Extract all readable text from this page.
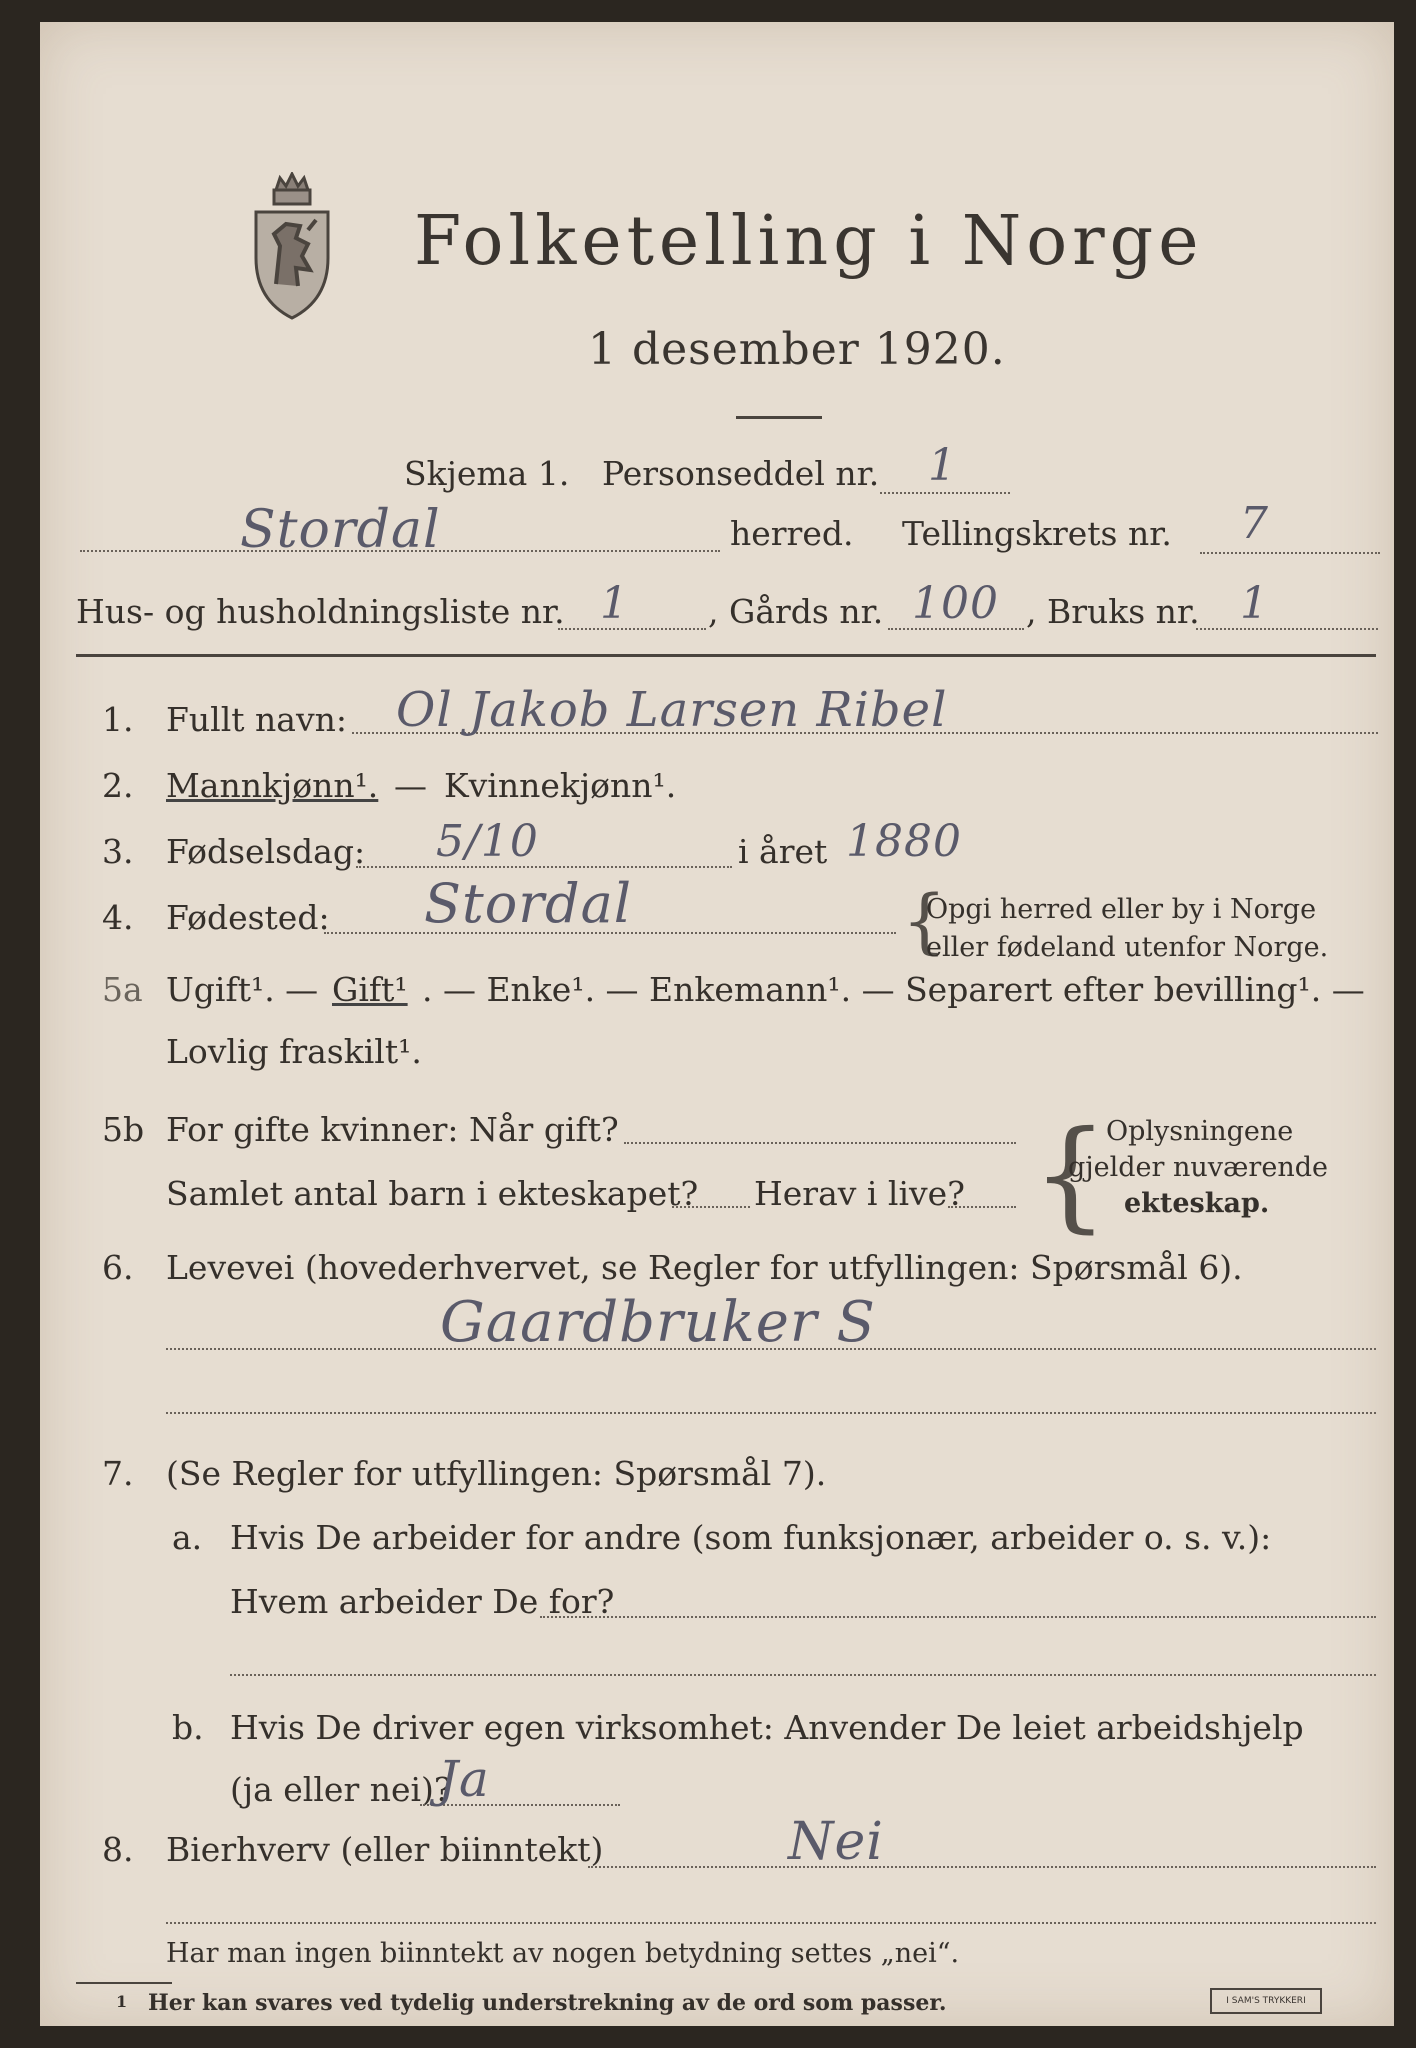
Folketelling i Norge
1 desember 1920.
Skjema 1. Personseddel nr. 1
Stordal	herred. Tellingskrets nr. 7
Hus- og husholdningsliste nr. 1 , Gårds nr. 100 , Bruks nr. 1
1. Fullt navn: Ol Jakob Larsen Ribel
2. Mannkjønn¹. — Kvinnekjønn¹.
3. Fødselsdag: 5/10	i året 1880
4. Fødested: Stordal	{
Opgi herred eller by i Norge
eller fødeland utenfor Norge.
5a Ugift¹. — Gift¹ . — Enke¹. — Enkemann¹. — Separert efter bevilling¹. —
Lovlig fraskilt¹.
5b For gifte kvinner: Når gift?
Samlet antal barn i ekteskapet? Herav i live? {
Oplysningene
gjelder nuværende
ekteskap.
6. Levevei (hovederhvervet, se Regler for utfyllingen: Spørsmål 6).
Gaardbruker S
7. (Se Regler for utfyllingen: Spørsmål 7).
a. Hvis De arbeider for andre (som funksjonær, arbeider o. s. v.):
Hvem arbeider De for?
b. Hvis De driver egen virksomhet: Anvender De leiet arbeidshjelp
(ja eller nei)?
Ja
8. Bierhverv (eller biinntekt)	Nei
Har man ingen biinntekt av nogen betydning settes „nei“.
1 Her kan svares ved tydelig understrekning av de ord som passer.	I SAM'S TRYKKERI
